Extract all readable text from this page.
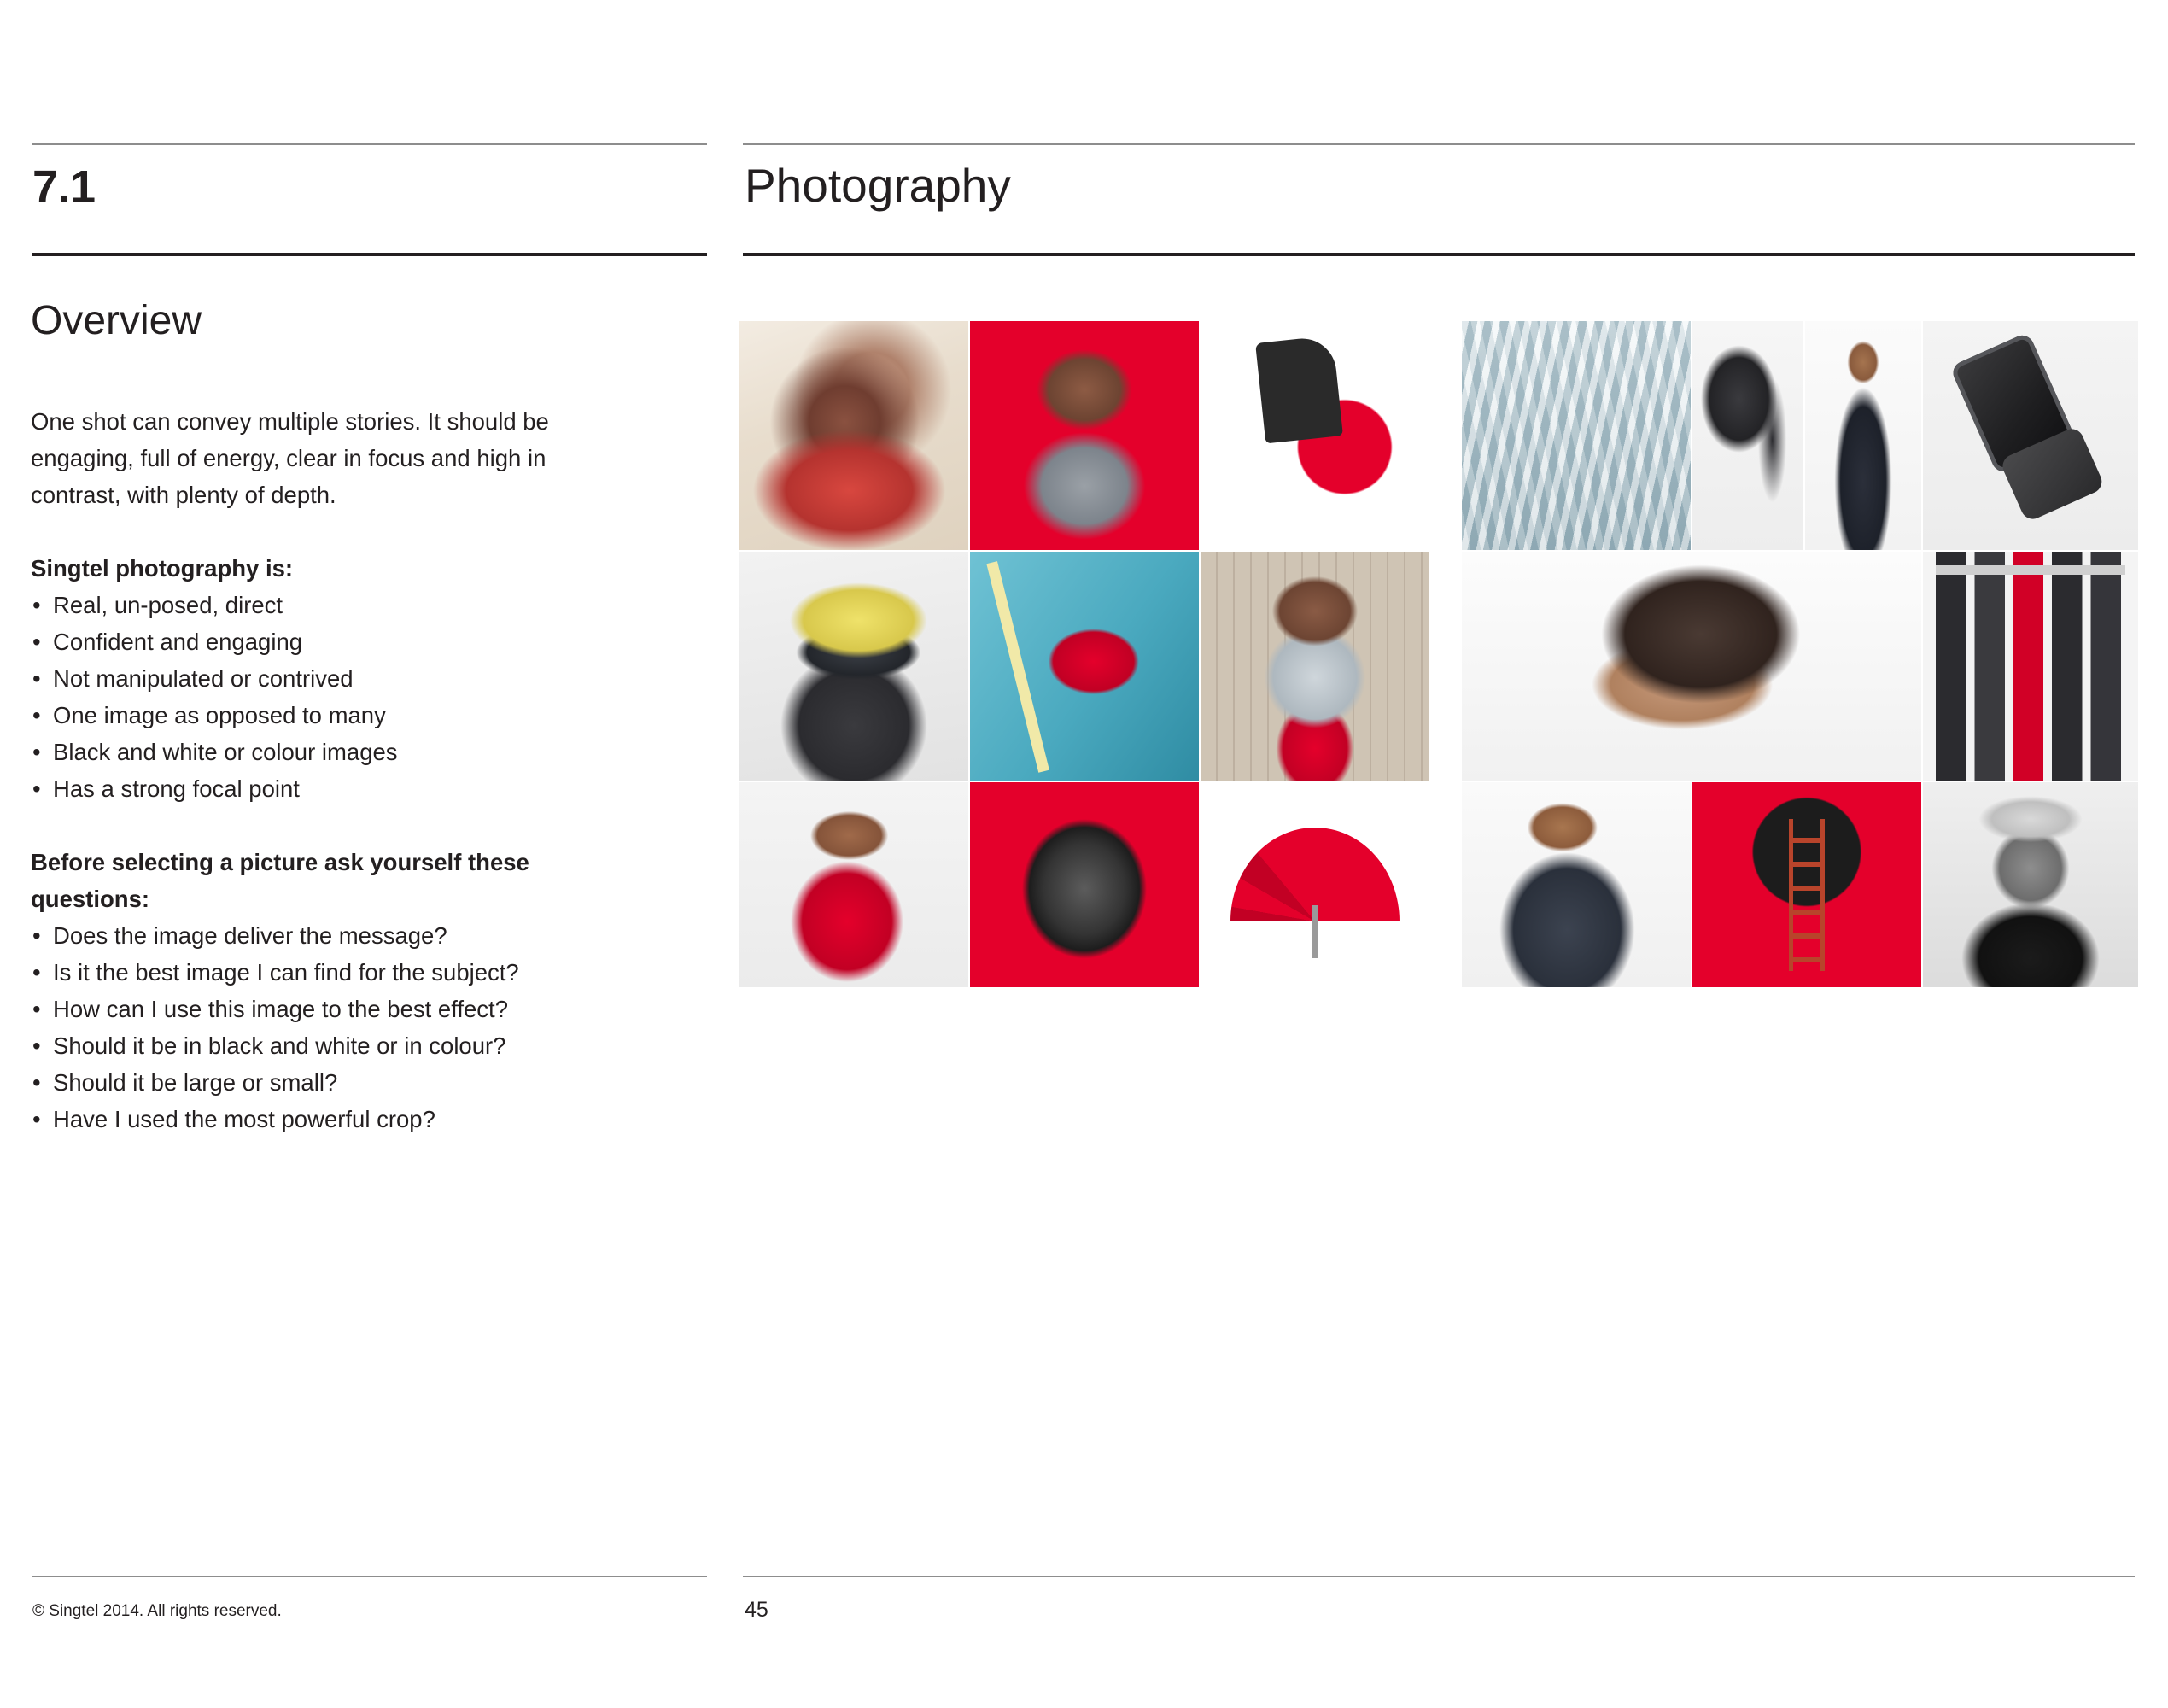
7.1	Photography
Overview

One shot can convey multiple stories. It should be engaging, full of energy, clear in focus and high in contrast, with plenty of depth.

Singtel photography is:

• Real, un-posed, direct
• Confident and engaging
• Not manipulated or contrived
• One image as opposed to many
• Black and white or colour images
• Has a strong focal point

Before selecting a picture ask yourself these questions:

• Does the image deliver the message?
• Is it the best image I can find for the subject?
• How can I use this image to the best effect?
• Should it be in black and white or in colour?
• Should it be large or small?
• Have I used the most powerful crop?
© Singtel 2014. All rights reserved.	45
